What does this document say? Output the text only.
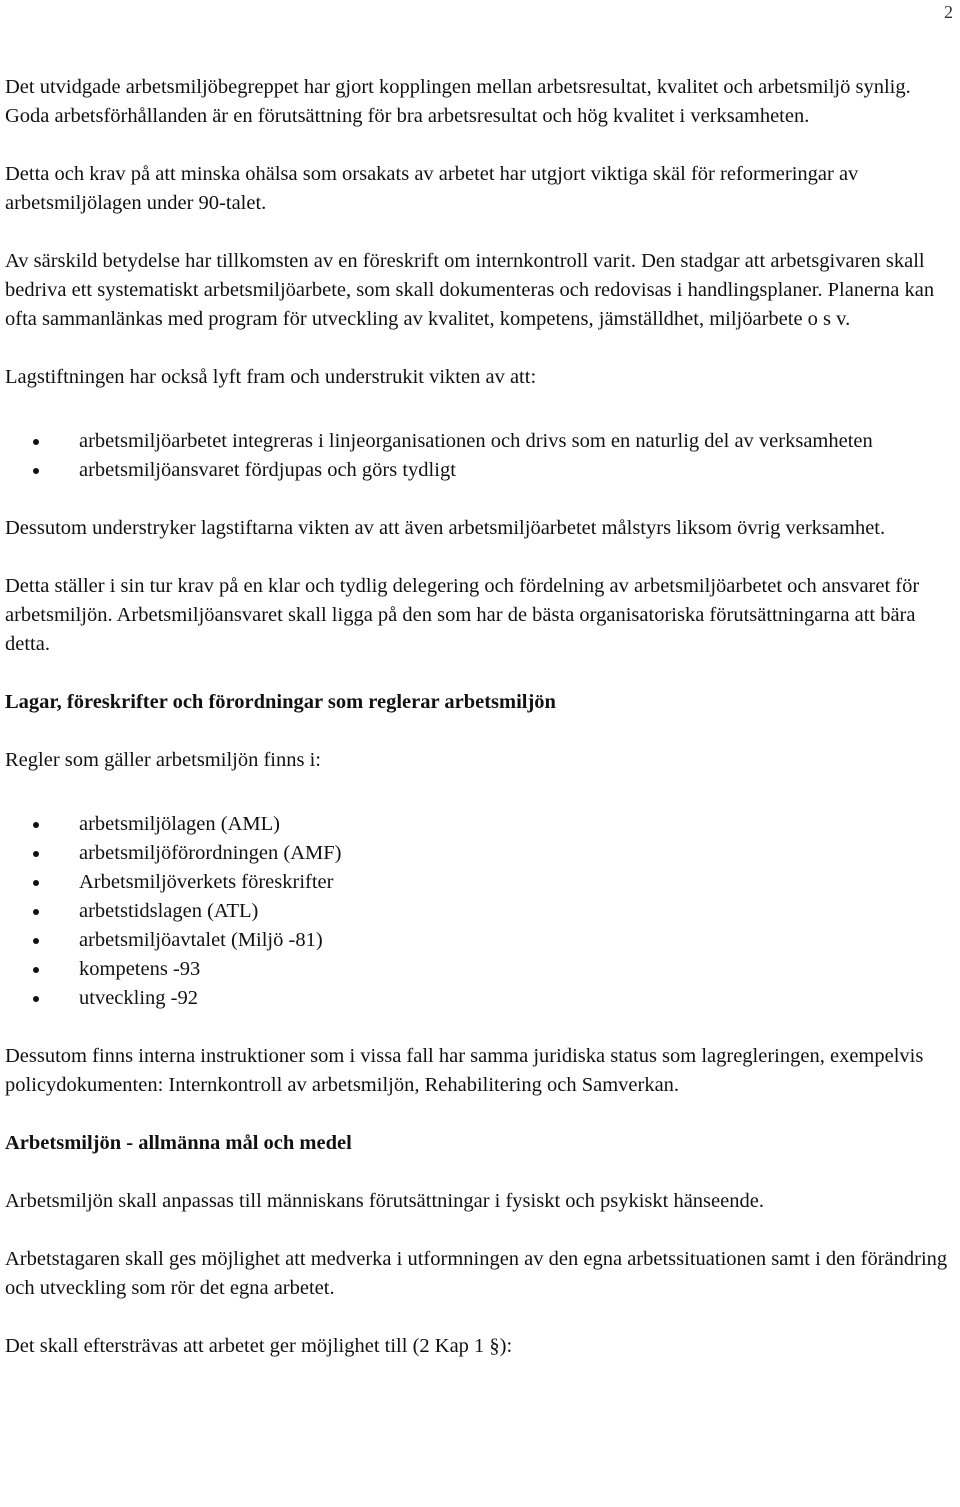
2

Det utvidgade arbetsmiljöbegreppet har gjort kopplingen mellan arbetsresultat, kvalitet och arbetsmiljö synlig. Goda arbetsförhållanden är en förutsättning för bra arbetsresultat och hög kvalitet i verksamheten.

Detta och krav på att minska ohälsa som orsakats av arbetet har utgjort viktiga skäl för reformeringar av arbetsmiljölagen under 90-talet.

Av särskild betydelse har tillkomsten av en föreskrift om internkontroll varit. Den stadgar att arbetsgivaren skall bedriva ett systematiskt arbetsmiljöarbete, som skall dokumenteras och redovisas i handlingsplaner. Planerna kan ofta sammanlänkas med program för utveckling av kvalitet, kompetens, jämställdhet, miljöarbete o s v.

Lagstiftningen har också lyft fram och understrukit vikten av att:

arbetsmiljöarbetet integreras i linjeorganisationen och drivs som en naturlig del av verksamheten
arbetsmiljöansvaret fördjupas och görs tydligt

Dessutom understryker lagstiftarna vikten av att även arbetsmiljöarbetet målstyrs liksom övrig verksamhet.

Detta ställer i sin tur krav på en klar och tydlig delegering och fördelning av arbetsmiljöarbetet och ansvaret för arbetsmiljön. Arbetsmiljöansvaret skall ligga på den som har de bästa organisatoriska förutsättningarna att bära detta.

Lagar, föreskrifter och förordningar som reglerar arbetsmiljön

Regler som gäller arbetsmiljön finns i:

arbetsmiljölagen (AML)
arbetsmiljöförordningen (AMF)
Arbetsmiljöverkets föreskrifter
arbetstidslagen (ATL)
arbetsmiljöavtalet (Miljö -81)
kompetens -93
utveckling -92

Dessutom finns interna instruktioner som i vissa fall har samma juridiska status som lagregleringen, exempelvis policydokumenten: Internkontroll av arbetsmiljön, Rehabilitering och Samverkan.

Arbetsmiljön - allmänna mål och medel

Arbetsmiljön skall anpassas till människans förutsättningar i fysiskt och psykiskt hänseende.

Arbetstagaren skall ges möjlighet att medverka i utformningen av den egna arbetssituationen samt i den förändring och utveckling som rör det egna arbetet.

Det skall eftersträvas att arbetet ger möjlighet till (2 Kap 1 §):
